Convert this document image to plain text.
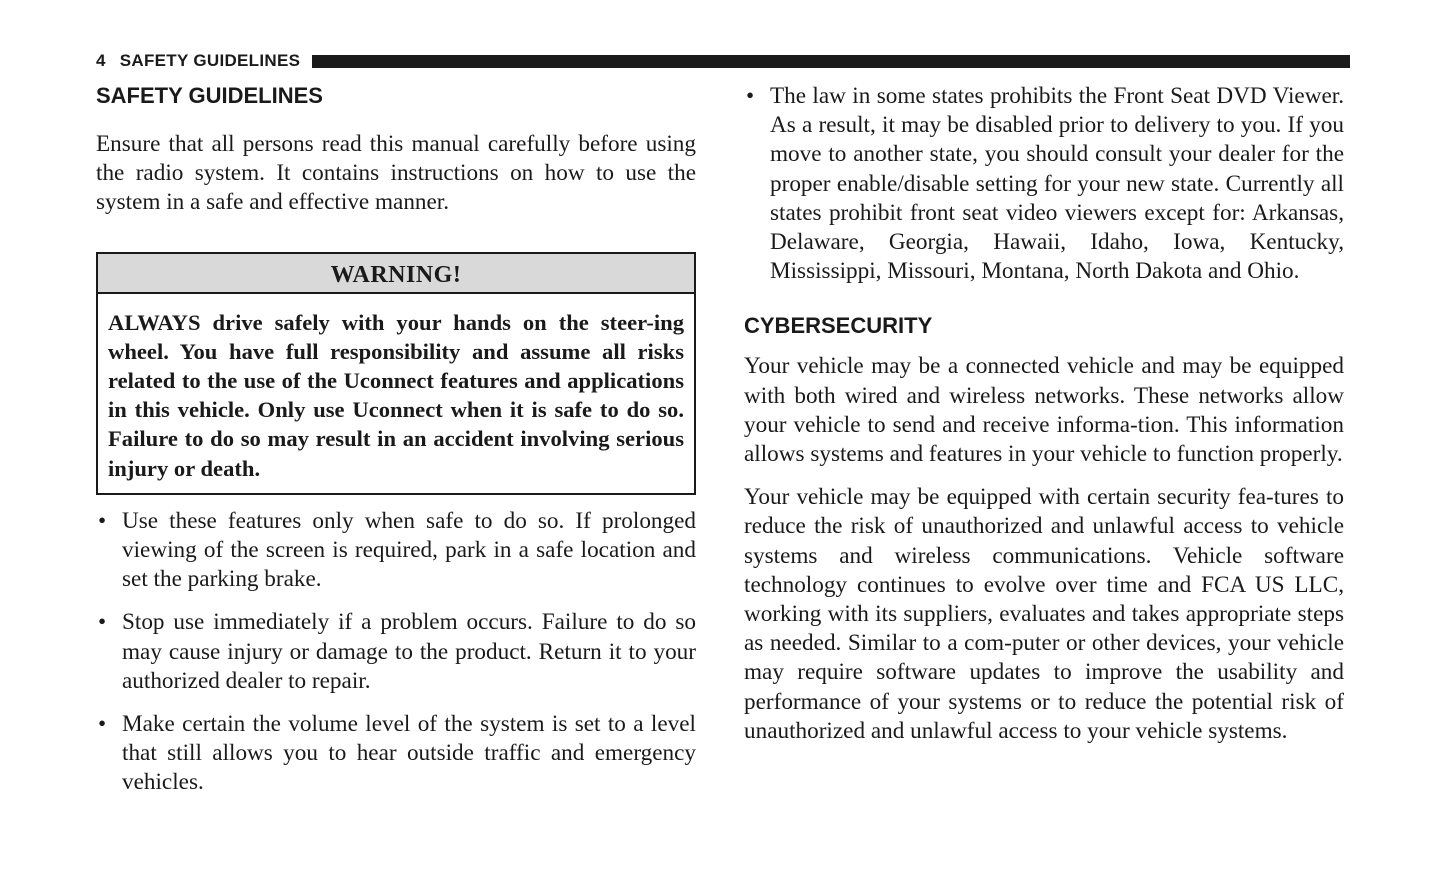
4 SAFETY GUIDELINES
SAFETY GUIDELINES

Ensure that all persons read this manual carefully before using the radio system. It contains instructions on how to use the system in a safe and effective manner.

WARNING!
ALWAYS drive safely with your hands on the steer-ing wheel. You have full responsibility and assume all risks related to the use of the Uconnect features and applications in this vehicle. Only use Uconnect when it is safe to do so. Failure to do so may result in an accident involving serious injury or death.
• Use these features only when safe to do so. If prolonged viewing of the screen is required, park in a safe location and set the parking brake.
• Stop use immediately if a problem occurs. Failure to do so may cause injury or damage to the product. Return it to your authorized dealer to repair.
• Make certain the volume level of the system is set to a level that still allows you to hear outside traffic and emergency vehicles.
• The law in some states prohibits the Front Seat DVD Viewer. As a result, it may be disabled prior to delivery to you. If you move to another state, you should consult your dealer for the proper enable/disable setting for your new state. Currently all states prohibit front seat video viewers except for: Arkansas, Delaware, Georgia, Hawaii, Idaho, Iowa, Kentucky, Mississippi, Missouri, Montana, North Dakota and Ohio.
CYBERSECURITY

Your vehicle may be a connected vehicle and may be equipped with both wired and wireless networks. These networks allow your vehicle to send and receive informa-tion. This information allows systems and features in your vehicle to function properly.

Your vehicle may be equipped with certain security fea-tures to reduce the risk of unauthorized and unlawful access to vehicle systems and wireless communications. Vehicle software technology continues to evolve over time and FCA US LLC, working with its suppliers, evaluates and takes appropriate steps as needed. Similar to a com-puter or other devices, your vehicle may require software updates to improve the usability and performance of your systems or to reduce the potential risk of unauthorized and unlawful access to your vehicle systems.
